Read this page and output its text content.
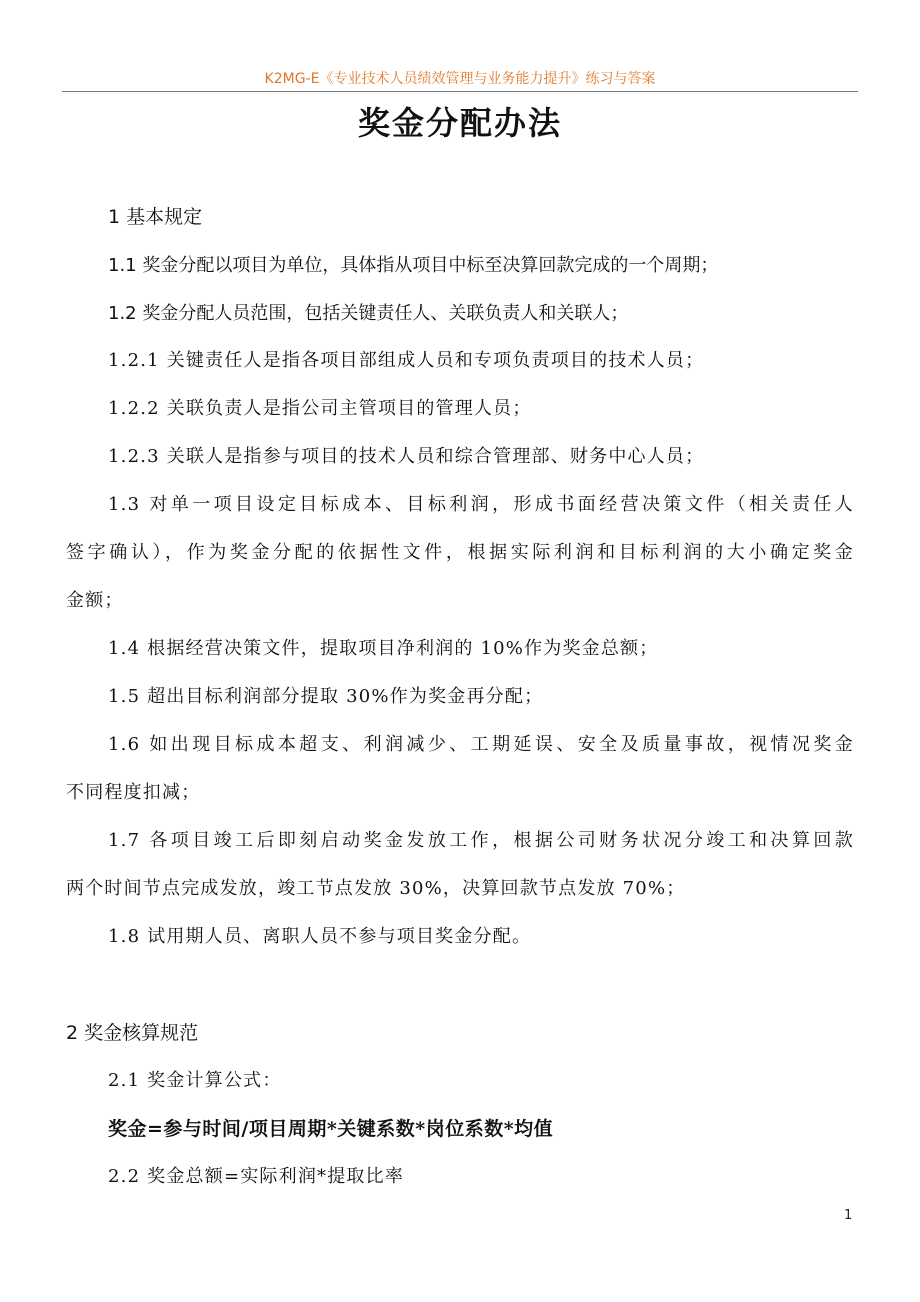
K2MG-E《专业技术人员绩效管理与业务能力提升》练习与答案
奖金分配办法
1 基本规定
1.1 奖金分配以项目为单位，具体指从项目中标至决算回款完成的一个周期；
1.2 奖金分配人员范围，包括关键责任人、关联负责人和关联人；
1.2.1 关键责任人是指各项目部组成人员和专项负责项目的技术人员；
1.2.2 关联负责人是指公司主管项目的管理人员；
1.2.3 关联人是指参与项目的技术人员和综合管理部、财务中心人员；
1.3 对单一项目设定目标成本、目标利润，形成书面经营决策文件（相关责任人
签字确认），作为奖金分配的依据性文件，根据实际利润和目标利润的大小确定奖金
金额；
1.4 根据经营决策文件，提取项目净利润的 10%作为奖金总额；
1.5 超出目标利润部分提取 30%作为奖金再分配；
1.6 如出现目标成本超支、利润减少、工期延误、安全及质量事故，视情况奖金
不同程度扣减；
1.7 各项目竣工后即刻启动奖金发放工作，根据公司财务状况分竣工和决算回款
两个时间节点完成发放，竣工节点发放 30%，决算回款节点发放 70%；
1.8 试用期人员、离职人员不参与项目奖金分配。
2 奖金核算规范
2.1 奖金计算公式：
奖金=参与时间/项目周期*关键系数*岗位系数*均值
2.2 奖金总额=实际利润*提取比率
1
